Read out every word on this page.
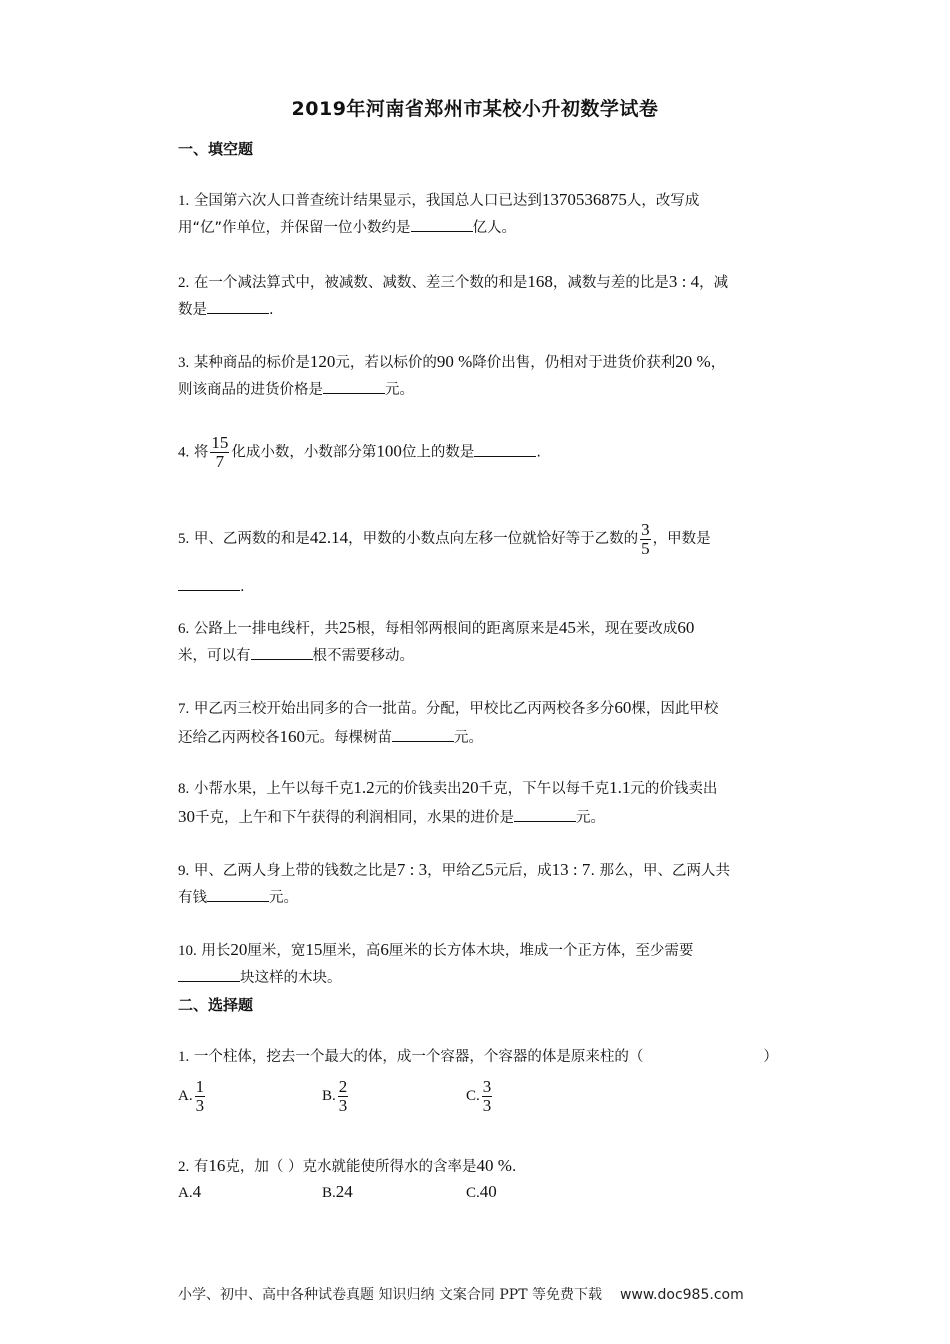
2019年河南省郑州市某校小升初数学试卷
一、填空题
1. 全国第六次人口普查统计结果显示，我国总人口已达到1370536875人，改写成
用“亿”作单位，并保留一位小数约是	亿人。
2. 在一个减法算式中，被减数、减数、差三个数的和是168，减数与差的比是3 : 4，减
数是	.
3. 某种商品的标价是120元，若以标价的90 %降价出售，仍相对于进货价获利20 %，
则该商品的进货价格是	元。
4. 将 $\frac{15}{7}$ 化成小数，小数部分第100位上的数是	.
5. 甲、乙两数的和是42.14，甲数的小数点向左移一位就恰好等于乙数的 $\frac{3}{5}$ ，甲数是
.
6. 公路上一排电线杆，共25根，每相邻两根间的距离原来是45米，现在要改成60
米，可以有	根不需要移动。
7. 甲乙丙三校开始出同多的合一批苗。分配，甲校比乙丙两校各多分60棵，因此甲校
还给乙丙两校各160元。每棵树苗	元。
8. 小帮水果，上午以每千克1.2元的价钱卖出20千克，下午以每千克1.1元的价钱卖出
30千克，上午和下午获得的利润相同，水果的进价是	元。
9. 甲、乙两人身上带的钱数之比是7 : 3，甲给乙5元后，成13 : 7. 那么，甲、乙两人共
有钱	元。
10. 用长20厘米，宽15厘米，高6厘米的长方体木块，堆成一个正方体，至少需要
块这样的木块。
二、选择题
1. 一个柱体，挖去一个最大的体，成一个容器，个容器的体是原来柱的（	）
A. $\frac{1}{3}$	B. $\frac{2}{3}$	C. $\frac{3}{3}$
2. 有16克，加（ ）克水就能使所得水的含率是40 %.
A.4	B.24	C.40
小学、初中、高中各种试卷真题 知识归纳 文案合同 PPT 等免费下载 www.doc985.com
